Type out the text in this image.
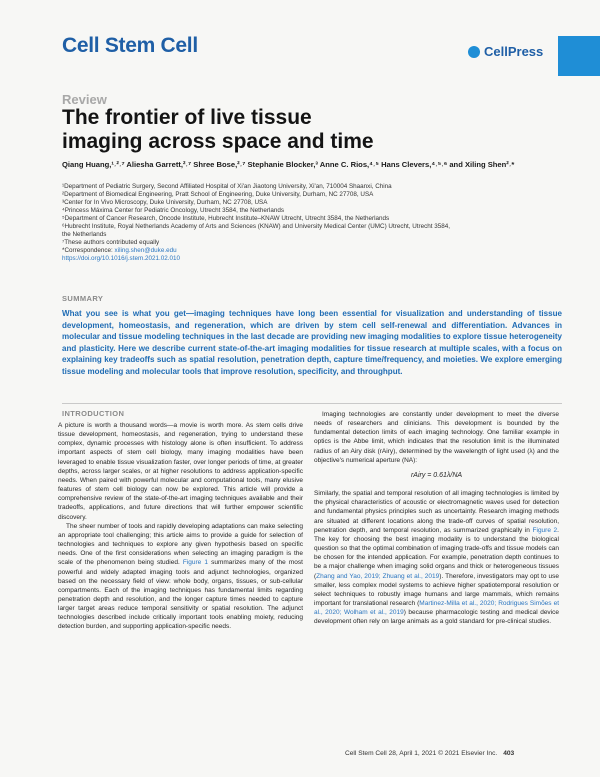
Cell Stem Cell	CellPress
Review
The frontier of live tissue imaging across space and time
Qiang Huang,¹˒²˒⁷ Aliesha Garrett,²˒⁷ Shree Bose,²˒⁷ Stephanie Blocker,³ Anne C. Rios,⁴˒⁵ Hans Clevers,⁴˒⁵˒⁶ and Xiling Shen²˒*
¹Department of Pediatric Surgery, Second Affiliated Hospital of Xi'an Jiaotong University, Xi'an, 710004 Shaanxi, China
²Department of Biomedical Engineering, Pratt School of Engineering, Duke University, Durham, NC 27708, USA
³Center for In Vivo Microscopy, Duke University, Durham, NC 27708, USA
⁴Princess Máxima Center for Pediatric Oncology, Utrecht 3584, the Netherlands
⁵Department of Cancer Research, Oncode Institute, Hubrecht Institute–KNAW Utrecht, Utrecht 3584, the Netherlands
⁶Hubrecht Institute, Royal Netherlands Academy of Arts and Sciences (KNAW) and University Medical Center (UMC) Utrecht, Utrecht 3584,
the Netherlands
⁷These authors contributed equally
*Correspondence: xiling.shen@duke.edu
https://doi.org/10.1016/j.stem.2021.02.010
SUMMARY

What you see is what you get—imaging techniques have long been essential for visualization and understanding of tissue development, homeostasis, and regeneration, which are driven by stem cell self-renewal and differentiation. Advances in molecular and tissue modeling techniques in the last decade are providing new imaging modalities to explore tissue heterogeneity and plasticity. Here we describe current state-of-the-art imaging modalities for tissue research at multiple scales, with a focus on explaining key tradeoffs such as spatial resolution, penetration depth, capture time/frequency, and moieties. We explore emerging tissue modeling and molecular tools that improve resolution, specificity, and throughput.

INTRODUCTION

A picture is worth a thousand words—a movie is worth more. As stem cells drive tissue development, homeostasis, and regeneration, trying to understand these complex, dynamic processes with histology alone is often insufficient. To address important aspects of stem cell biology, many imaging modalities have been leveraged to enable tissue visualization faster, over longer periods of time, at greater depths, across larger scales, or at higher resolutions to address application-specific needs. When paired with powerful molecular and computational tools, many elusive features of stem cell biology can now be explored. This article will provide a comprehensive review of the state-of-the-art imaging techniques available and their tradeoffs, applications, and future directions that will further empower scientific discovery.

The sheer number of tools and rapidly developing adaptations can make selecting an appropriate tool challenging; this article aims to provide a guide for selection of technologies and techniques to explore any given hypothesis based on specific needs. One of the first considerations when selecting an imaging paradigm is the scale of the phenomenon being studied. Figure 1 summarizes many of the most powerful and widely adapted imaging tools and adjunct technologies, organized based on the necessary field of view: whole body, organs, tissues, or sub-cellular compartments. Each of the imaging techniques has fundamental limits regarding penetration depth and resolution, and the longer capture times needed to capture larger target areas reduce temporal sensitivity or spatial resolution. The adjunct technologies described include critically important tools enabling moiety, reducing detection burden, and supporting application-specific needs.

Imaging technologies are constantly under development to meet the diverse needs of researchers and clinicians. This development is bounded by the fundamental detection limits of each imaging technology. One familiar example in optics is the Abbe limit, which indicates that the resolution limit is the illuminated radius of an Airy disk (rAiry), determined by the wavelength of light used (λ) and the objective's numerical aperture (NA):

rAiry = 0.61λ/NA

Similarly, the spatial and temporal resolution of all imaging technologies is limited by the physical characteristics of acoustic or electromagnetic waves used for detection and fundamental physics principles such as uncertainty. Research imaging methods are situated at different locations along the trade-off curves of spatial resolution, penetration depth, and temporal resolution, as summarized graphically in Figure 2. The key for choosing the best imaging modality is to understand the biological question so that the optimal combination of imaging trade-offs and tissue models can be chosen for the intended application. For example, penetration depth continues to be a major challenge when imaging solid organs and thick or heterogeneous tissues (Zhang and Yao, 2019; Zhuang et al., 2019). Therefore, investigators may opt to use smaller, less complex model systems to achieve higher spatiotemporal resolution or select techniques to robustly image humans and large mammals, which remains important for translational research (Martinez-Milla et al., 2020; Rodrigues Simões et al., 2020; Wolham et al., 2019) because pharmacologic testing and medical device development often rely on large animals as a gold standard for pre-clinical studies.

Cell Stem Cell 28, April 1, 2021 © 2021 Elsevier Inc. 403
